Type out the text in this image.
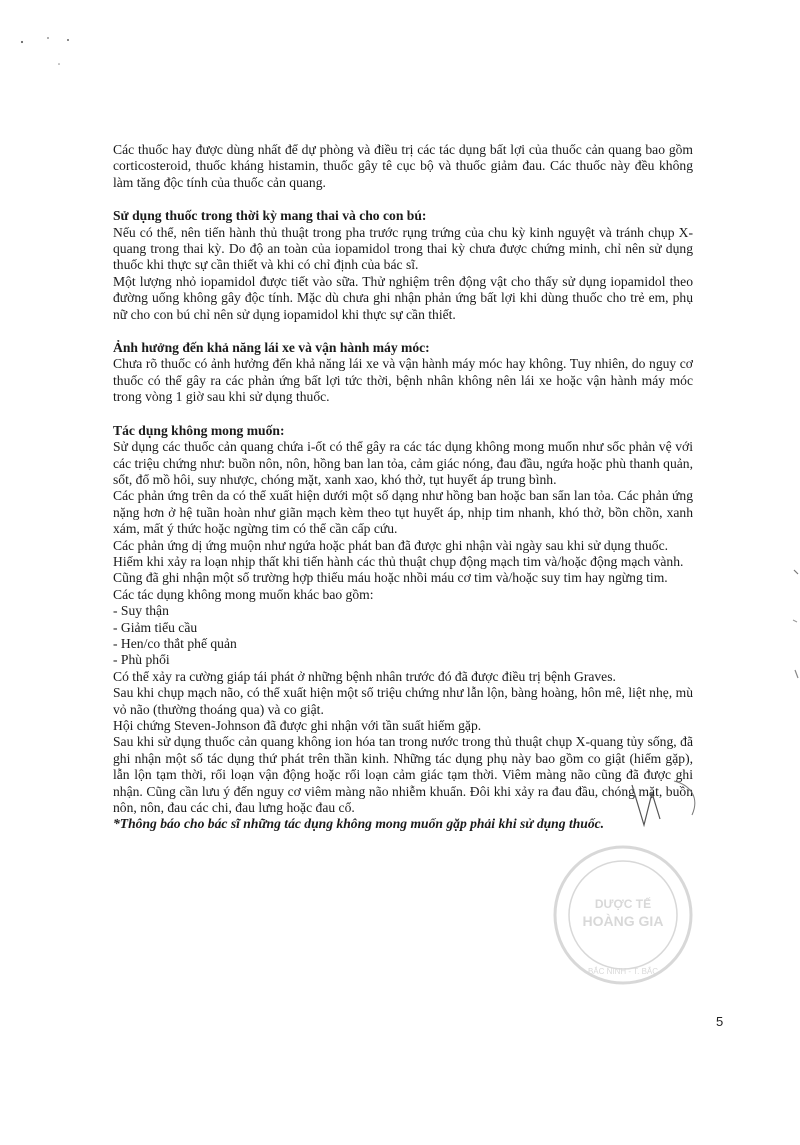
Các thuốc hay được dùng nhất để dự phòng và điều trị các tác dụng bất lợi của thuốc cản quang bao gồm corticosteroid, thuốc kháng histamin, thuốc gây tê cục bộ và thuốc giảm đau. Các thuốc này đều không làm tăng độc tính của thuốc cản quang.

Sử dụng thuốc trong thời kỳ mang thai và cho con bú:

Nếu có thể, nên tiến hành thủ thuật trong pha trước rụng trứng của chu kỳ kinh nguyệt và tránh chụp X-quang trong thai kỳ. Do độ an toàn của iopamidol trong thai kỳ chưa được chứng minh, chỉ nên sử dụng thuốc khi thực sự cần thiết và khi có chỉ định của bác sĩ.

Một lượng nhỏ iopamidol được tiết vào sữa. Thử nghiệm trên động vật cho thấy sử dụng iopamidol theo đường uống không gây độc tính. Mặc dù chưa ghi nhận phản ứng bất lợi khi dùng thuốc cho trẻ em, phụ nữ cho con bú chỉ nên sử dụng iopamidol khi thực sự cần thiết.

Ảnh hưởng đến khả năng lái xe và vận hành máy móc:

Chưa rõ thuốc có ảnh hưởng đến khả năng lái xe và vận hành máy móc hay không. Tuy nhiên, do nguy cơ thuốc có thể gây ra các phản ứng bất lợi tức thời, bệnh nhân không nên lái xe hoặc vận hành máy móc trong vòng 1 giờ sau khi sử dụng thuốc.

Tác dụng không mong muốn:

Sử dụng các thuốc cản quang chứa i-ốt có thể gây ra các tác dụng không mong muốn như sốc phản vệ với các triệu chứng như: buồn nôn, nôn, hồng ban lan tỏa, cảm giác nóng, đau đầu, ngứa hoặc phù thanh quản, sốt, đổ mồ hôi, suy nhược, chóng mặt, xanh xao, khó thở, tụt huyết áp trung bình.

Các phản ứng trên da có thể xuất hiện dưới một số dạng như hồng ban hoặc ban sẩn lan tỏa. Các phản ứng nặng hơn ở hệ tuần hoàn như giãn mạch kèm theo tụt huyết áp, nhịp tim nhanh, khó thở, bồn chồn, xanh xám, mất ý thức hoặc ngừng tim có thể cần cấp cứu.

Các phản ứng dị ứng muộn như ngứa hoặc phát ban đã được ghi nhận vài ngày sau khi sử dụng thuốc.

Hiếm khi xảy ra loạn nhịp thất khi tiến hành các thủ thuật chụp động mạch tim và/hoặc động mạch vành.

Cũng đã ghi nhận một số trường hợp thiếu máu hoặc nhồi máu cơ tim và/hoặc suy tim hay ngừng tim.

Các tác dụng không mong muốn khác bao gồm:

- Suy thận

- Giảm tiểu cầu

- Hen/co thắt phế quản

- Phù phổi

Có thể xảy ra cường giáp tái phát ở những bệnh nhân trước đó đã được điều trị bệnh Graves.

Sau khi chụp mạch não, có thể xuất hiện một số triệu chứng như lẫn lộn, bàng hoàng, hôn mê, liệt nhẹ, mù vỏ não (thường thoáng qua) và co giật.

Hội chứng Steven-Johnson đã được ghi nhận với tần suất hiếm gặp.

Sau khi sử dụng thuốc cản quang không ion hóa tan trong nước trong thủ thuật chụp X-quang tủy sống, đã ghi nhận một số tác dụng thứ phát trên thần kinh. Những tác dụng phụ này bao gồm co giật (hiếm gặp), lẫn lộn tạm thời, rối loạn vận động hoặc rối loạn cảm giác tạm thời. Viêm màng não cũng đã được ghi nhận. Cũng cần lưu ý đến nguy cơ viêm màng não nhiễm khuẩn. Đôi khi xảy ra đau đầu, chóng mặt, buồn nôn, nôn, đau các chi, đau lưng hoặc đau cổ.

*Thông báo cho bác sĩ những tác dụng không mong muốn gặp phải khi sử dụng thuốc.

DƯỢC TẾ
HOÀNG GIA
BẮC NINH - T. BẮC
5
